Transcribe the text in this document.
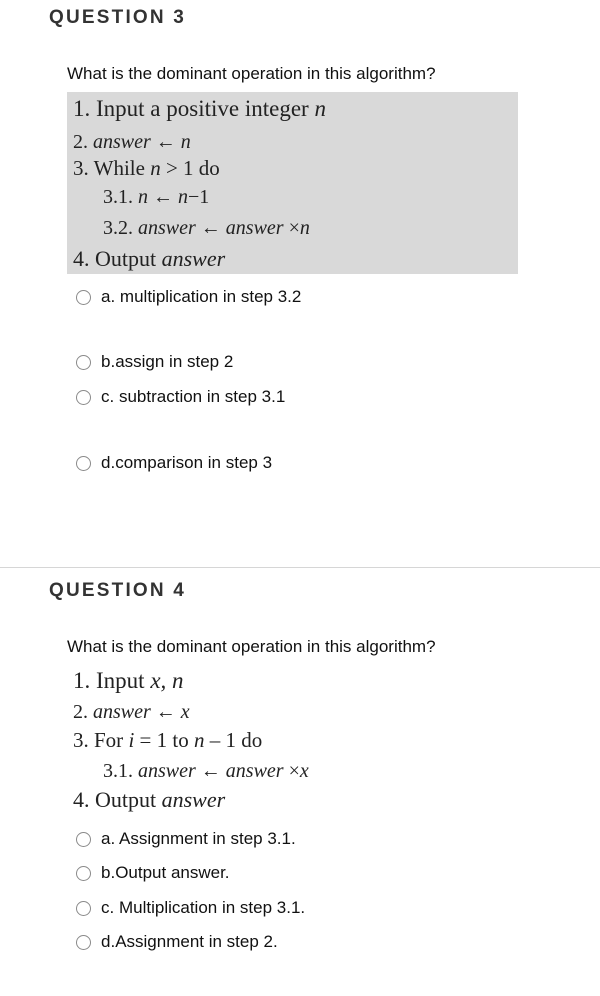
QUESTION 3

What is the dominant operation in this algorithm?

1. Input a positive integer n
2. answer ← n
3. While n > 1 do
3.1. n ← n−1
3.2. answer ← answer ×n
4. Output answer
a. multiplication in step 3.2
b.assign in step 2
c. subtraction in step 3.1
d.comparison in step 3
QUESTION 4

What is the dominant operation in this algorithm?

1. Input x, n
2. answer ← x
3. For i = 1 to n – 1 do
3.1. answer ← answer ×x
4. Output answer
a. Assignment in step 3.1.
b.Output answer.
c. Multiplication in step 3.1.
d.Assignment in step 2.
